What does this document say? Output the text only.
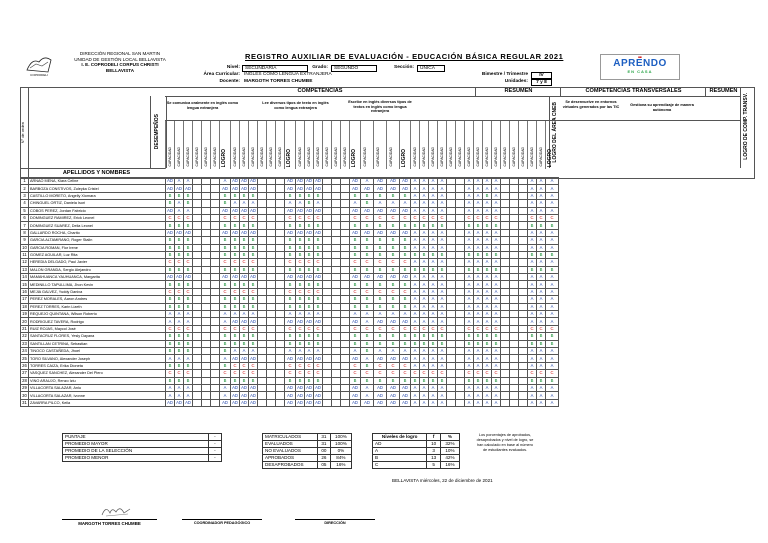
COPRODELI
DIRECCIÓN REGIONAL SAN MARTIN
UNIDAD DE GESTIÓN LOCAL BELLAVISTA
I. E. COPRODELI CORPUS CHRISTI
BELLAVISTA
REGISTRO AUXILIAR DE EVALUACIÓN - EDUCACIÓN BÁSICA REGULAR 2021
Nivel:	SECUNDARIA	Grado:	SEGUNDO	Sección:	UNICA
Área Curricular: INGLES COMO LENGUA EXTRANJERA
Docente: MARGOTH TORRES CHUMBE
Bimestre / Trimestre	IV
Unidades:	7 y 8
■■
APRENDO
EN CASA
N° de orden	DESEMPEÑOS
COMPETENCIAS	RESUMEN	COMPETENCIAS TRANSVERSALES	RESUMEN
Se comunica oralmente en inglés como lengua extranjera
Lee diversos tipos de texto en inglés como lengua extranjera
Escribe en inglés diversos tipos de textos en inglés como lengua extranjera
Se desenvuelve en entornos virtuales generados por las TIC	Gestiona su aprendizaje de manera autónoma
LOGRO DEL ÁREA CNEB	LOGRO DE COMP. TRANSV.
CAPACIDAD CAPACIDAD CAPACIDAD CAPACIDAD CAPACIDAD CAPACIDAD LOGRO CAPACIDAD CAPACIDAD CAPACIDAD CAPACIDAD CAPACIDAD CAPACIDAD LOGRO CAPACIDAD CAPACIDAD CAPACIDAD CAPACIDAD CAPACIDAD CAPACIDAD LOGRO CAPACIDAD	CAPACIDAD	CAPACIDAD LOGRO CAPACIDAD CAPACIDAD CAPACIDAD CAPACIDAD CAPACIDAD CAPACIDAD CAPACIDAD CAPACIDAD CAPACIDAD CAPACIDAD CAPACIDAD CAPACIDAD CAPACIDAD CAPACIDAD CAPACIDAD LOGRO
APELLIDOS Y NOMBRES
1	ARNAO MENA, Kiara Celine	AD	A	A				A	AD	AD	AD				AD	AD	AD	AD				AD	A	AD	AD	AD	A	A	A	A			A	A	A	A				A	A	A
2	BARBOZA CONSTIVOS, Zuleyka Cristel	AD	AD	AD				AD	AD	AD	AD				AD	AD	AD	AD				AD	AD	AD	AD	AD	A	A	A	A			A	A	A	A				A	A	A
3	CASTILLO MORETO, Angelly Xiomara	B	B	B				B	B	B	B				B	B	B	B				B	B	B	B	B	A	A	A	A			A	A	B	A				A	A	A
4	CHINGUEL ORTIZ, Daniela Isori	B	A	B				B	A	A	A				A	A	B	A				A	B	A	A	A	A	A	A	A			A	A	A	A				A	A	A
5	COBOS PEREZ, Jordan Fabricio	AD	A	A				AD	AD	AD	AD				AD	AD	AD	AD				AD	AD	AD	AD	AD	A	A	A	A			A	A	A	A				A	A	A
6	DOMINGUEZ RAMIREZ, Erick Leonel	C	C	C				C	C	C	C				C	C	C	C				C	C	C	C	C	C	C	C	C			C	C	C	C				C	C	C
7	DOMINGUEZ SUAREZ, Delia Leonel	B	B	B				B	B	B	B				B	B	B	B				B	B	B	B	B	B	B	B	B			B	B	B	B				B	B	B
8	GALLARDO ROCHA, Charito	AD	AD	AD				AD	AD	AD	AD				AD	AD	AD	AD				AD	AD	AD	AD	AD	A	A	A	A			A	A	A	A				A	A	A
9	GARCIA ALTAMIRANO, Roger Stalin	B	B	B				B	B	B	B				B	B	B	B				B	B	B	B	B	A	A	A	A			A	A	A	A				A	A	A
10	GARCIA ROMAN, Flor Irene	B	B	B				B	B	B	B				B	B	B	B				B	B	B	B	B	A	A	A	A			A	A	A	A				A	A	A
11	GOMEZ AGUILAR, Luz Rita	B	B	B				B	B	B	B				B	B	B	B				B	B	B	B	B	B	B	B	B			B	B	B	B				B	B	B
12	HEREDIA DELGADO, Paul Javier	C	C	C				C	C	C	C				C	C	C	C				C	C	C	C	C	A	A	A	A			A	A	A	A				A	A	A
13	MALON GRANDA, Sergio Alejandro	B	B	B				B	B	B	B				B	B	B	B				B	B	B	B	B	B	B	B	B			B	B	B	B				B	B	B
14	MAMAHUANCA YAUHUANCA, Margarita	AD	AD	AD				AD	AD	AD	AD				AD	AD	AD	AD				AD	AD	AD	AD	AD	A	A	A	A			A	A	A	A				A	A	A
15	MEDINILLO TAPULLIMA, Jhon Kevin	B	B	B				B	B	B	B				B	B	B	B				B	B	B	B	B	A	A	A	A			A	A	A	A				A	A	A
16	MEJIA GALVEZ, Yuddy Danixa	C	C	C				C	C	C	C				C	C	C	C				C	C	C	C	C	A	A	A	A			A	A	A	A				A	A	A
17	PEREZ MORALES, Aaron Andres	B	B	B				B	B	B	B				B	B	B	B				B	B	B	B	B	A	A	A	A			A	A	A	A				A	A	A
18	PEREZ TORRES, Karin Lizeth	B	B	B				B	B	B	B				B	B	B	B				B	B	B	B	B	A	A	A	A			A	A	A	A				A	A	A
19	REQUEJO QUINTANA, Wilson Roberto	A	A	A				A	A	A	A				A	A	A	A				A	A	A	A	A	A	A	A	A			A	A	A	A				A	A	A
20	RODRIGUEZ TAVERA, Rodrigo	A	A	A				A	AD	AD	AD				AD	AD	AD	AD				AD	A	AD	AD	AD	A	A	A	A			A	A	A	A				A	A	A
21	RUIZ ROJAS, Maycol José	C	C	C				C	C	C	C				C	C	C	C				C	C	C	C	C	C	C	C	C			C	C	C	C				C	C	C
22	SANTACRUZ FLORES, Yesly Dayana	B	B	B				B	B	B	B				B	B	B	B				B	B	B	B	B	B	B	B	B			B	B	B	B				B	B	B
23	SANTILLAN CETRINA, Sebastian	B	B	B				B	B	B	B				B	B	B	B				B	B	B	B	B	B	B	B	B			B	B	B	B				B	B	B
24	TINOCO CASTAÑEDA, Jhoel	B	B	B				B	A	A	A				A	A	A	A				A	B	A	A	A	A	A	A	A			A	A	A	A				A	A	A
25	TORO SILVANO, Alexander Joseph	A	A	A				A	AD	AD	AD				AD	AD	AD	AD				AD	A	AD	AD	AD	A	A	A	A			A	A	A	A				A	A	A
26	TORRES CAIZA, Erika Dioneta	B	B	B				B	C	C	C				C	C	C	C				C	B	C	C	C	A	A	A	A			A	A	A	A				A	A	A
27	VASQUEZ SANCHEZ, Alexander Del Piero	C	C	C				C	C	C	C				C	C	C	C				C	C	C	C	C	C	C	C	C			C	C	C	C				C	C	C
28	VINO ARAUJO, Renzo Iziu	B	B	B				B	B	B	B				B	B	B	B				B	B	B	B	B	B	B	B	B			B	B	B	B				B	B	B
29	VILLACORTA SALAZAR, Anlu	A	A	A				A	AD	AD	AD				AD	AD	AD	AD				AD	A	AD	AD	AD	A	A	A	A			A	A	A	A				A	A	A
30	VILLACORTA SALAZAR, Ivonne	A	A	A				A	AD	AD	AD				AD	AD	AD	AD				AD	A	AD	AD	AD	A	A	A	A			A	A	A	A				A	A	A
31	ZAVARRA PILCO, Keila	AD	AD	AD				AD	AD	AD	AD				AD	AD	AD	AD				AD	AD	AD	AD	AD	A	A	A	A			A	A	A	A				A	A	A
PUNTAJE	-
PROMEDIO MAYOR	-
PROMEDIO DE LA SELECCIÓN	-
PROMEDIO MENOR	-
MATRICULADOS	31	100%
EVALUADOS	31	100%
NO EVALUADOS	00	0%
APROBADOS	26	84%
DESAPROBADOS	05	16%
Niveles de logro	f	%
AD	10	32%
A	3	10%
B	13	42%
C	5	16%
Los porcentajes de aprobados, desaprobados y nivel de logro, se han calculado en base al número de estudiantes evaluados.
BELLAVISTA miércoles, 22 de diciembre de 2021
MARGOTH TORRES CHUMBE	COORDINADOR PEDAGÓGICO	DIRECCIÓN
